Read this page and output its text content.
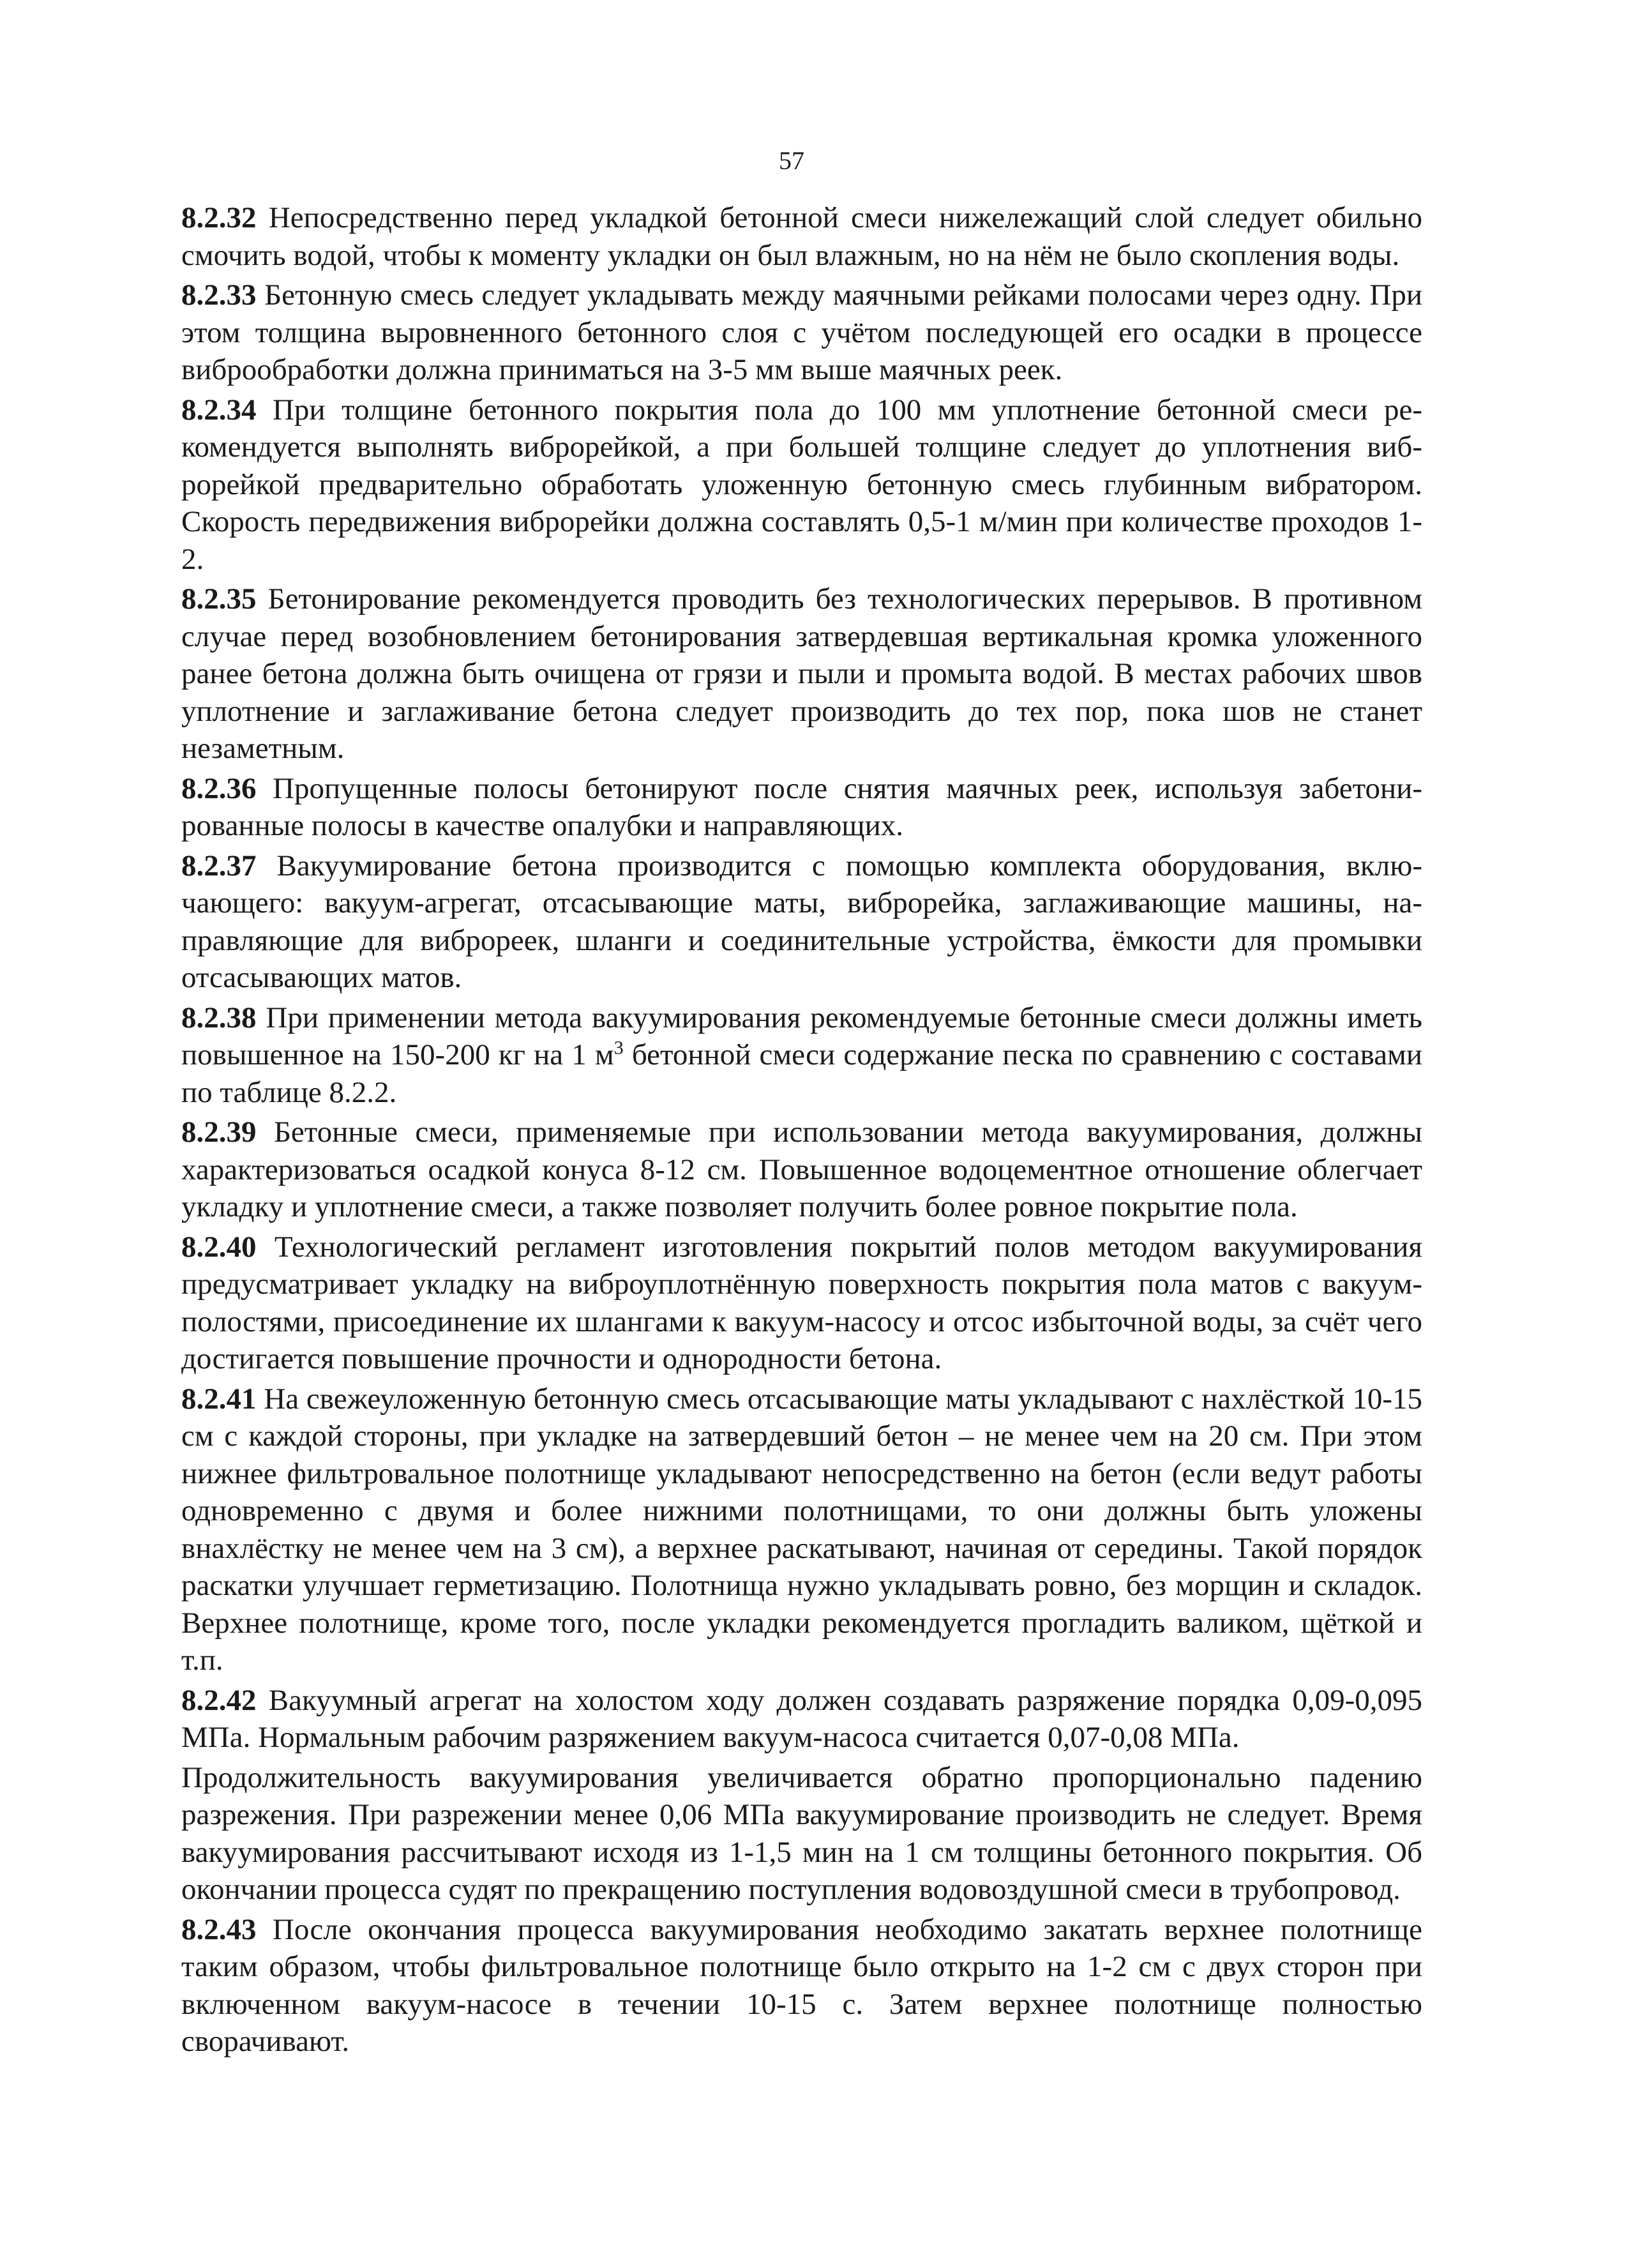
57

8.2.32 Непосредственно перед укладкой бетонной смеси нижележащий слой следует обильно смочить водой, чтобы к моменту укладки он был влажным, но на нём не было скопления воды.

8.2.33 Бетонную смесь следует укладывать между маячными рейками полосами через одну. При этом толщина выровненного бетонного слоя с учётом последующей его осадки в процессе виброобработки должна приниматься на 3-5 мм выше маячных реек.

8.2.34 При толщине бетонного покрытия пола до 100 мм уплотнение бетонной смеси рекомендуется выполнять виброрейкой, а при большей толщине следует до уплотнения виброрейкой предварительно обработать уложенную бетонную смесь глубинным вибратором. Скорость передвижения виброрейки должна составлять 0,5-1 м/мин при количестве проходов 1-2.

8.2.35 Бетонирование рекомендуется проводить без технологических перерывов. В противном случае перед возобновлением бетонирования затвердевшая вертикальная кромка уложенного ранее бетона должна быть очищена от грязи и пыли и промыта водой. В местах рабочих швов уплотнение и заглаживание бетона следует производить до тех пор, пока шов не станет незаметным.

8.2.36 Пропущенные полосы бетонируют после снятия маячных реек, используя забетонированные полосы в качестве опалубки и направляющих.

8.2.37 Вакуумирование бетона производится с помощью комплекта оборудования, включающего: вакуум-агрегат, отсасывающие маты, виброрейка, заглаживающие машины, направляющие для виброреек, шланги и соединительные устройства, ёмкости для промывки отсасывающих матов.

8.2.38 При применении метода вакуумирования рекомендуемые бетонные смеси должны иметь повышенное на 150-200 кг на 1 $м^3$ бетонной смеси содержание песка по сравнению с составами по таблице 8.2.2.

8.2.39 Бетонные смеси, применяемые при использовании метода вакуумирования, должны характеризоваться осадкой конуса 8-12 см. Повышенное водоцементное отношение облегчает укладку и уплотнение смеси, а также позволяет получить более ровное покрытие пола.

8.2.40 Технологический регламент изготовления покрытий полов методом вакуумирования предусматривает укладку на виброуплотнённую поверхность покрытия пола матов с вакуум-полостями, присоединение их шлангами к вакуум-насосу и отсос избыточной воды, за счёт чего достигается повышение прочности и однородности бетона.

8.2.41 На свежеуложенную бетонную смесь отсасывающие маты укладывают с нахлёсткой 10-15 см с каждой стороны, при укладке на затвердевший бетон – не менее чем на 20 см. При этом нижнее фильтровальное полотнище укладывают непосредственно на бетон (если ведут работы одновременно с двумя и более нижними полотнищами, то они должны быть уложены внахлёстку не менее чем на 3 см), а верхнее раскатывают, начиная от середины. Такой порядок раскатки улучшает герметизацию. Полотнища нужно укладывать ровно, без морщин и складок. Верхнее полотнище, кроме того, после укладки рекомендуется прогладить валиком, щёткой и т.п.

8.2.42 Вакуумный агрегат на холостом ходу должен создавать разряжение порядка 0,09-0,095 МПа. Нормальным рабочим разряжением вакуум-насоса считается 0,07-0,08 МПа.

Продолжительность вакуумирования увеличивается обратно пропорционально падению разрежения. При разрежении менее 0,06 МПа вакуумирование производить не следует. Время вакуумирования рассчитывают исходя из 1-1,5 мин на 1 см толщины бетонного покрытия. Об окончании процесса судят по прекращению поступления водовоздушной смеси в трубопровод.

8.2.43 После окончания процесса вакуумирования необходимо закатать верхнее полотнище таким образом, чтобы фильтровальное полотнище было открыто на 1-2 см с двух сторон при включенном вакуум-насосе в течении 10-15 с. Затем верхнее полотнище полностью сворачивают.
